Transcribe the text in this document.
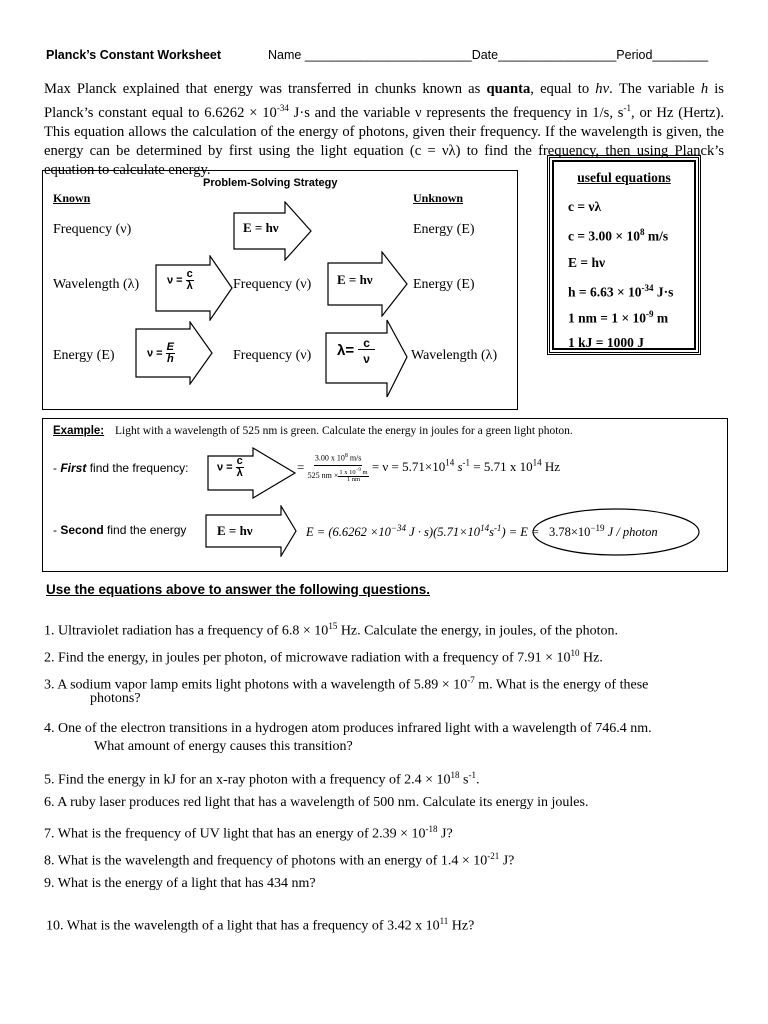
Planck’s Constant Worksheet	Name ________________________Date_________________Period________
Max Planck explained that energy was transferred in chunks known as quanta, equal to hν. The variable h is Planck’s constant equal to $6.6262 \times 10^{-34}$ J·s and the variable ν represents the frequency in 1/s, $s^{-1}$, or Hz (Hertz). This equation allows the calculation of the energy of photons, given their frequency. If the wavelength is given, the energy can be determined by first using the light equation (c = νλ) to find the frequency, then using Planck’s equation to calculate energy.
Problem-Solving Strategy
Known	Unknown
Frequency (ν)	E = hν	Energy (E)
Wavelength (λ)	$\nu = \frac{c}{\lambda}$	Frequency (ν) E = hν	Energy (E)
Energy (E)	$\nu = \frac{E}{h}$	Frequency (ν) $\lambda= \frac{c}{\nu}$	Wavelength (λ)
useful equations
c = νλ
$c = 3.00 \times 10^8$ m/s
E = hν
$h = 6.63 \times 10^{-34}$ J·s
1 nm = $1 \times 10^{-9}$ m
1 kJ = 1000 J
Example: Light with a wavelength of 525 nm is green. Calculate the energy in joules for a green light photon.
- First find the frequency:	$\nu = \frac{c}{\lambda}$	= $\frac{3.00 x 10^8 m/s}{525 nm \times \frac{1 x 10^{-9} m}{1 nm}} = \nu = 5.71\times 10^{14}$ $s^{-1} = 5.71$ x $10^{14}$ Hz
- Second find the energy E = hν	$E = (6.6262 \times 10^{-34}$ $J \cdot s)(5.71\times 10^{14}s^{-1}) = E = 3.78\times 10^{-19}$ J / photon
Use the equations above to answer the following questions.
1. Ultraviolet radiation has a frequency of $6.8 \times 10^{15}$ Hz. Calculate the energy, in joules, of the photon.
2. Find the energy, in joules per photon, of microwave radiation with a frequency of $7.91 \times 10^{10}$ Hz.
3. A sodium vapor lamp emits light photons with a wavelength of $5.89 \times 10^{-7}$ m. What is the energy of these
photons?
4. One of the electron transitions in a hydrogen atom produces infrared light with a wavelength of 746.4 nm.
What amount of energy causes this transition?
5. Find the energy in kJ for an x-ray photon with a frequency of $2.4 \times 10^{18}$ $s^{-1}$.
6. A ruby laser produces red light that has a wavelength of 500 nm. Calculate its energy in joules.
7. What is the frequency of UV light that has an energy of $2.39 \times 10^{-18}$ J?
8. What is the wavelength and frequency of photons with an energy of $1.4 \times 10^{-21}$ J?
9. What is the energy of a light that has 434 nm?
10. What is the wavelength of a light that has a frequency of 3.42 x $10^{11}$ Hz?
